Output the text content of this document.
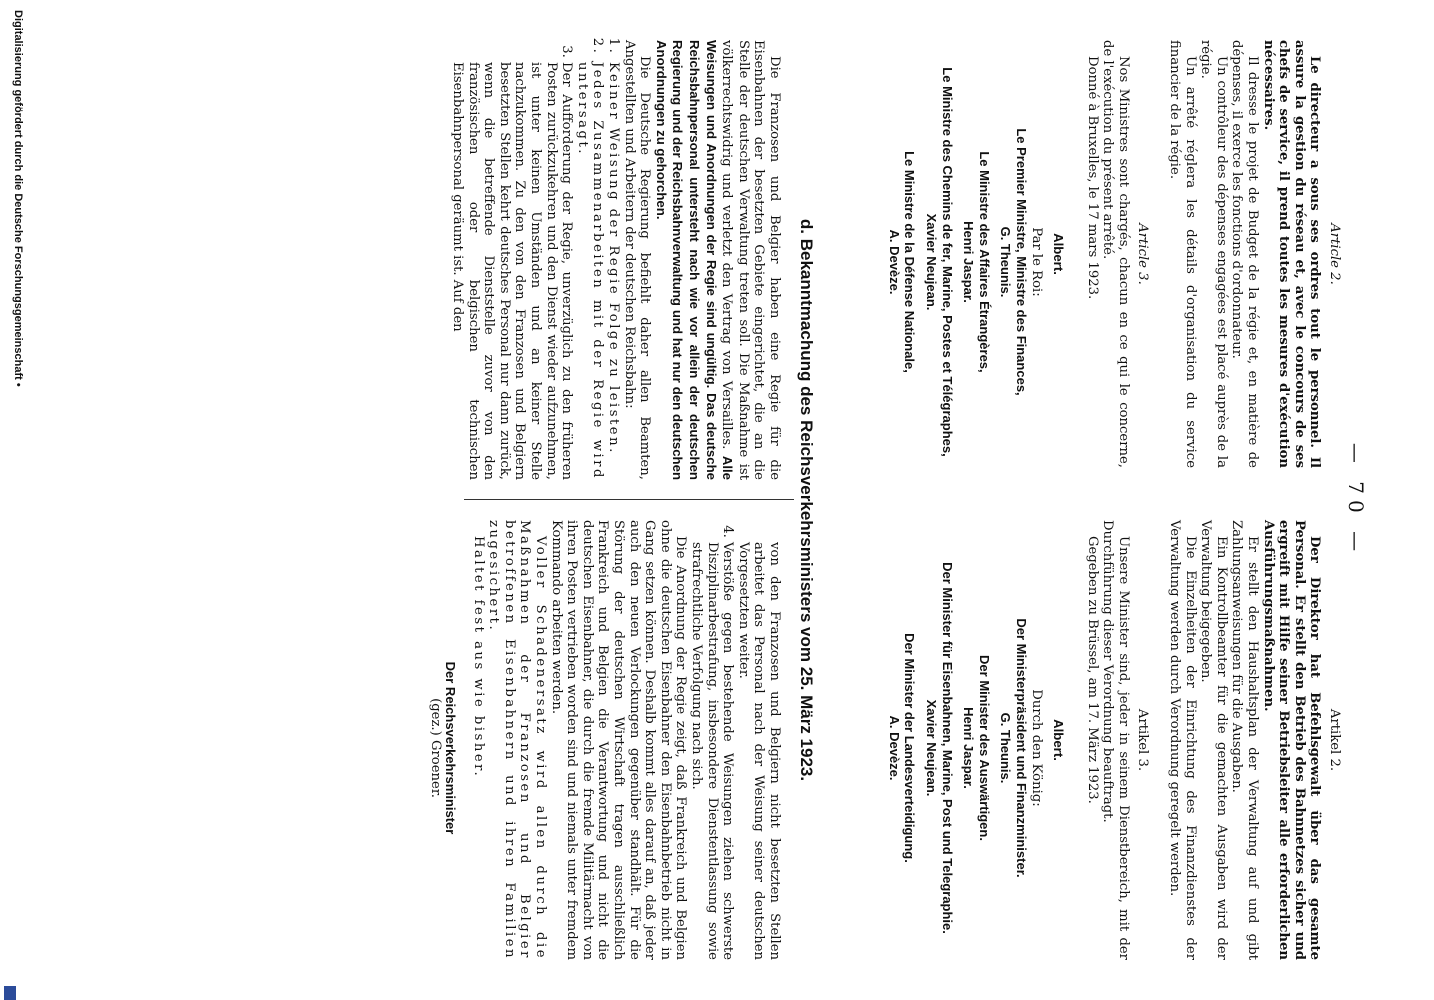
— 70 —
Article 2.

Le directeur a sous ses ordres tout le personnel. Il assure la gestion du réseau et, avec le concours de ses chefs de service, il prend toutes les mesures d'exécution nécessaires.

Il dresse le projet de Budget de la régie et, en matière de dépenses, il exerce les fonctions d'ordonnateur.

Un contrôleur des dépenses engagées est placé auprès de la régie.

Un arrêté réglera les détails d'organisation du service financier de la régie.

Article 3.

Nos Ministres sont chargés, chacun en ce qui le concerne, de l'exécution du présent arrêté.

Donné à Bruxelles, le 17 mars 1923.

Albert.

Par le Roi:

Le Premier Ministre, Ministre des Finances,

G. Theunis.

Le Ministre des Affaires Étrangères,

Henri Jaspar.

Le Ministre des Chemins de fer, Marine, Postes et Télégraphes,

Xavier Neujean.

Le Ministre de la Défense Nationale,

A. Devèze.

Artikel 2.

Der Direktor hat Befehlsgewalt über das gesamte Personal. Er stellt den Betrieb des Bahnnetzes sicher und ergreift mit Hilfe seiner Betriebsleiter alle erforderlichen Ausführungsmaßnahmen.

Er stellt den Haushaltsplan der Verwaltung auf und gibt Zahlungsanweisungen für die Ausgaben.

Ein Kontrollbeamter für die gemachten Ausgaben wird der Verwaltung beigegeben.

Die Einzelheiten der Einrichtung des Finanzdienstes der Verwaltung werden durch Verordnung geregelt werden.

Artikel 3.

Unsere Minister sind, jeder in seinem Dienstbereich, mit der Durchführung dieser Verordnung beauftragt.

Gegeben zu Brüssel, am 17. März 1923.

Albert.

Durch den König:

Der Ministerpräsident und Finanzminister.

G. Theunis.

Der Minister des Auswärtigen.

Henri Jaspar.

Der Minister für Eisenbahnen, Marine, Post und Telegraphie.

Xavier Neujean.

Der Minister der Landesverteidigung.

A. Devèze.

d. Bekanntmachung des Reichsverkehrsministers vom 25. März 1923.

Die Franzosen und Belgier haben eine Regie für die Eisenbahnen der besetzten Gebiete eingerichtet, die an die Stelle der deutschen Verwaltung treten soll. Die Maßnahme ist völkerrechtswidrig und verletzt den Vertrag von Versailles. Alle Weisungen und Anordnungen der Regie sind ungültig. Das deutsche Reichsbahnpersonal untersteht nach wie vor allein der deutschen Regierung und der Reichsbahnverwaltung und hat nur den deutschen Anordnungen zu gehorchen.

Die Deutsche Regierung befiehlt daher allen Beamten, Angestellten und Arbeitern der deutschen Reichsbahn:

1. Keiner Weisung der Regie Folge zu leisten.
2. Jedes Zusammenarbeiten mit der Regie wird untersagt.
3. Der Aufforderung der Regie, unverzüglich zu den früheren Posten zurückzukehren und den Dienst wieder aufzunehmen, ist unter keinen Umständen und an keiner Stelle nachzukommen. Zu den von den Franzosen und Belgiern besetzten Stellen kehrt deutsches Personal nur dann zurück, wenn die betreffende Dienststelle zuvor von den französischen oder belgischen technischen Eisenbahnpersonal geräumt ist. Auf den

von den Franzosen und Belgiern nicht besetzten Stellen arbeitet das Personal nach der Weisung seiner deutschen Vorgesetzten weiter.

4. Verstöße gegen bestehende Weisungen ziehen schwerste Disziplinarbestrafung, insbesondere Dienstentlassung sowie strafrechtliche Verfolgung nach sich.

Die Anordnung der Regie zeigt, daß Frankreich und Belgien ohne die deutschen Eisenbahner den Eisenbahnbetrieb nicht in Gang setzen können. Deshalb kommt alles darauf an, daß jeder auch den neuen Verlockungen gegenüber standhält. Für die Störung der deutschen Wirtschaft tragen ausschließlich Frankreich und Belgien die Verantwortung und nicht die deutschen Eisenbahner, die durch die fremde Militärmacht von ihren Posten vertrieben worden sind und niemals unter fremdem Kommando arbeiten werden.

Voller Schadenersatz wird allen durch die Maßnahmen der Franzosen und Belgier betroffenen Eisenbahnern und ihren Familien zugesichert.

Haltet fest aus wie bisher.

Der Reichsverkehrsminister

(gez.) Groener.

Digitalisierung gefördert durch die Deutsche Forschungsgemeinschaft •
